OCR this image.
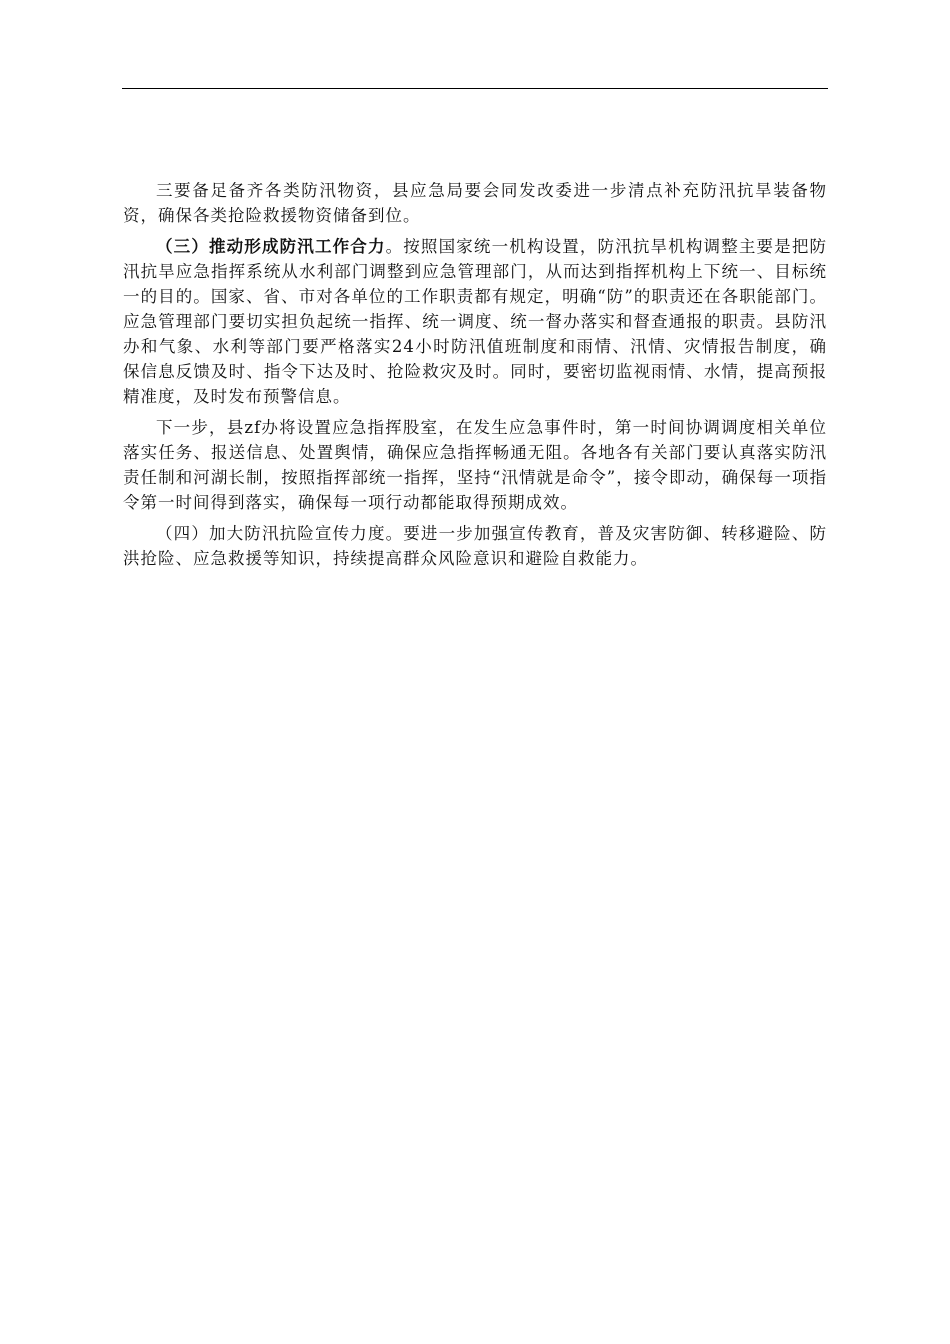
三要备足备齐各类防汛物资，县应急局要会同发改委进一步清点补充防汛抗旱装备物资，确保各类抢险救援物资储备到位。

（三）推动形成防汛工作合力。按照国家统一机构设置，防汛抗旱机构调整主要是把防汛抗旱应急指挥系统从水利部门调整到应急管理部门，从而达到指挥机构上下统一、目标统一的目的。国家、省、市对各单位的工作职责都有规定，明确“防”的职责还在各职能部门。应急管理部门要切实担负起统一指挥、统一调度、统一督办落实和督查通报的职责。县防汛办和气象、水利等部门要严格落实24小时防汛值班制度和雨情、汛情、灾情报告制度，确保信息反馈及时、指令下达及时、抢险救灾及时。同时，要密切监视雨情、水情，提高预报精准度，及时发布预警信息。

下一步，县zf办将设置应急指挥股室，在发生应急事件时，第一时间协调调度相关单位落实任务、报送信息、处置舆情，确保应急指挥畅通无阻。各地各有关部门要认真落实防汛责任制和河湖长制，按照指挥部统一指挥，坚持“汛情就是命令”，接令即动，确保每一项指令第一时间得到落实，确保每一项行动都能取得预期成效。

（四）加大防汛抗险宣传力度。要进一步加强宣传教育，普及灾害防御、转移避险、防洪抢险、应急救援等知识，持续提高群众风险意识和避险自救能力。
